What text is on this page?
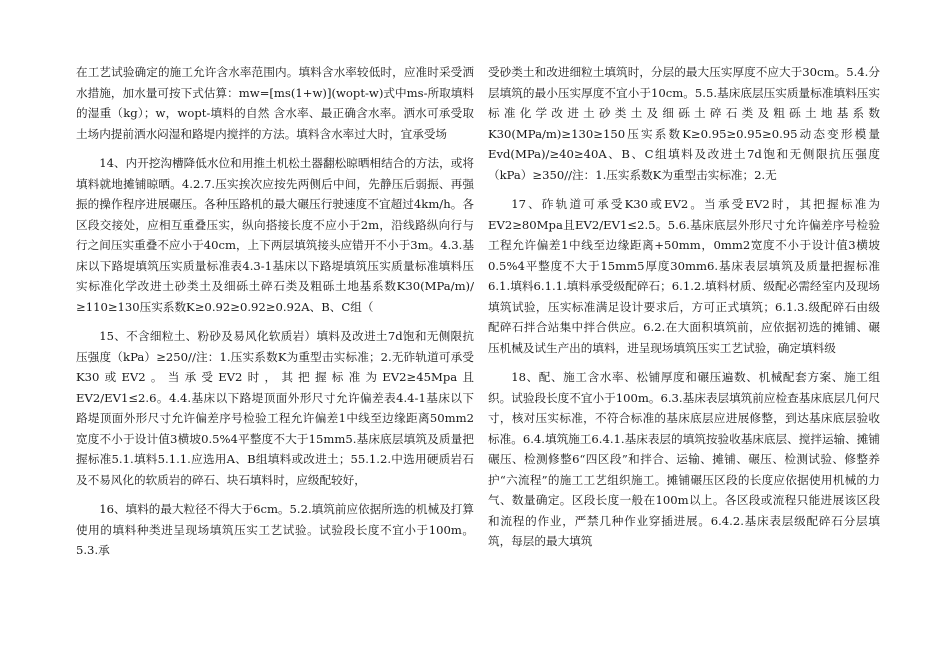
在工艺试验确定的施工允许含水率范围内。填料含水率较低时，应准时采受洒水措施，加水量可按下式估算：mw=[ms(1+w)](wopt-w)式中ms-所取填料的湿重（kg）；w，wopt-填料的自然 含水率、最正确含水率。洒水可承受取土场内提前洒水闷湿和路堤内搅拌的方法。填料含水率过大时，宜承受场

14、内开挖沟槽降低水位和用推土机松土器翻松晾晒相结合的方法，或将填料就地摊铺晾晒。4.2.7.压实挨次应按先两侧后中间，先静压后弱振、再强振的操作程序进展碾压。各种压路机的最大碾压行驶速度不宜超过4km/h。各区段交接处，应相互重叠压实，纵向搭接长度不应小于2m，沿线路纵向行与行之间压实重叠不应小于40cm，上下两层填筑接头应错开不小于3m。4.3.基床以下路堤填筑压实质量标准表4.3-1基床以下路堤填筑压实质量标准填料压实标准化学改进土砂类土及细砾土碎石类及粗砾土地基系数K30(MPa/m)/≥110≥130压实系数K≥0.92≥0.92≥0.92A、B、C组（

15、不含细粒土、粉砂及易风化软质岩）填料及改进土7d饱和无侧限抗压强度（kPa）≥250//注：1.压实系数K为重型击实标准；2.无砟轨道可承受K30或EV2。当承受EV2时，其把握标准为EV2≥45Mpa且EV2/EV1≤2.6。4.4.基床以下路堤顶面外形尺寸允许偏差表4.4-1基床以下路堤顶面外形尺寸允许偏差序号检验工程允许偏差1中线至边缘距离50mm2宽度不小于设计值3横坡0.5%4平整度不大于15mm5.基床底层填筑及质量把握标准5.1.填料5.1.1.应选用A、B组填料或改进土；55.1.2.中选用硬质岩石及不易风化的软质岩的碎石、块石填料时，应级配较好，

16、填料的最大粒径不得大于6cm。5.2.填筑前应依据所选的机械及打算使用的填料种类进呈现场填筑压实工艺试验。试验段长度不宜小于100m。5.3.承

受砂类土和改进细粒土填筑时，分层的最大压实厚度不应大于30cm。5.4.分层填筑的最小压实厚度不宜小于10cm。5.5.基床底层压实质量标准填料压实标准化学改进土砂类土及细砾土碎石类及粗砾土地基系数K30(MPa/m)≥130≥150压实系数K≥0.95≥0.95≥0.95动态变形模量Evd(MPa)/≥40≥40A、B、C组填料及改进土7d饱和无侧限抗压强度（kPa）≥350//注：1.压实系数K为重型击实标准；2.无

17、砟轨道可承受K30或EV2。当承受EV2时，其把握标准为EV2≥80Mpa且EV2/EV1≤2.5。5.6.基床底层外形尺寸允许偏差序号检验工程允许偏差1中线至边缘距离+50mm，0mm2宽度不小于设计值3横坡0.5%4平整度不大于15mm5厚度30mm6.基床表层填筑及质量把握标准6.1.填料6.1.1.填料承受级配碎石；6.1.2.填料材质、级配必需经室内及现场填筑试验，压实标准满足设计要求后，方可正式填筑；6.1.3.级配碎石由级配碎石拌合站集中拌合供应。6.2.在大面积填筑前，应依据初选的摊铺、碾压机械及试生产出的填料，进呈现场填筑压实工艺试验，确定填料级

18、配、施工含水率、松铺厚度和碾压遍数、机械配套方案、施工组织。试验段长度不宜小于100m。6.3.基床表层填筑前应检查基床底层几何尺寸，核对压实标准，不符合标准的基床底层应进展修整，到达基床底层验收标准。6.4.填筑施工6.4.1.基床表层的填筑按验收基床底层、搅拌运输、摊铺碾压、检测修整6“四区段”和拌合、运输、摊铺、碾压、检测试验、修整养护“六流程”的施工工艺组织施工。摊铺碾压区段的长度应依据使用机械的力气、数量确定。区段长度一般在100m以上。各区段或流程只能进展该区段和流程的作业，严禁几种作业穿插进展。6.4.2.基床表层级配碎石分层填筑，每层的最大填筑
